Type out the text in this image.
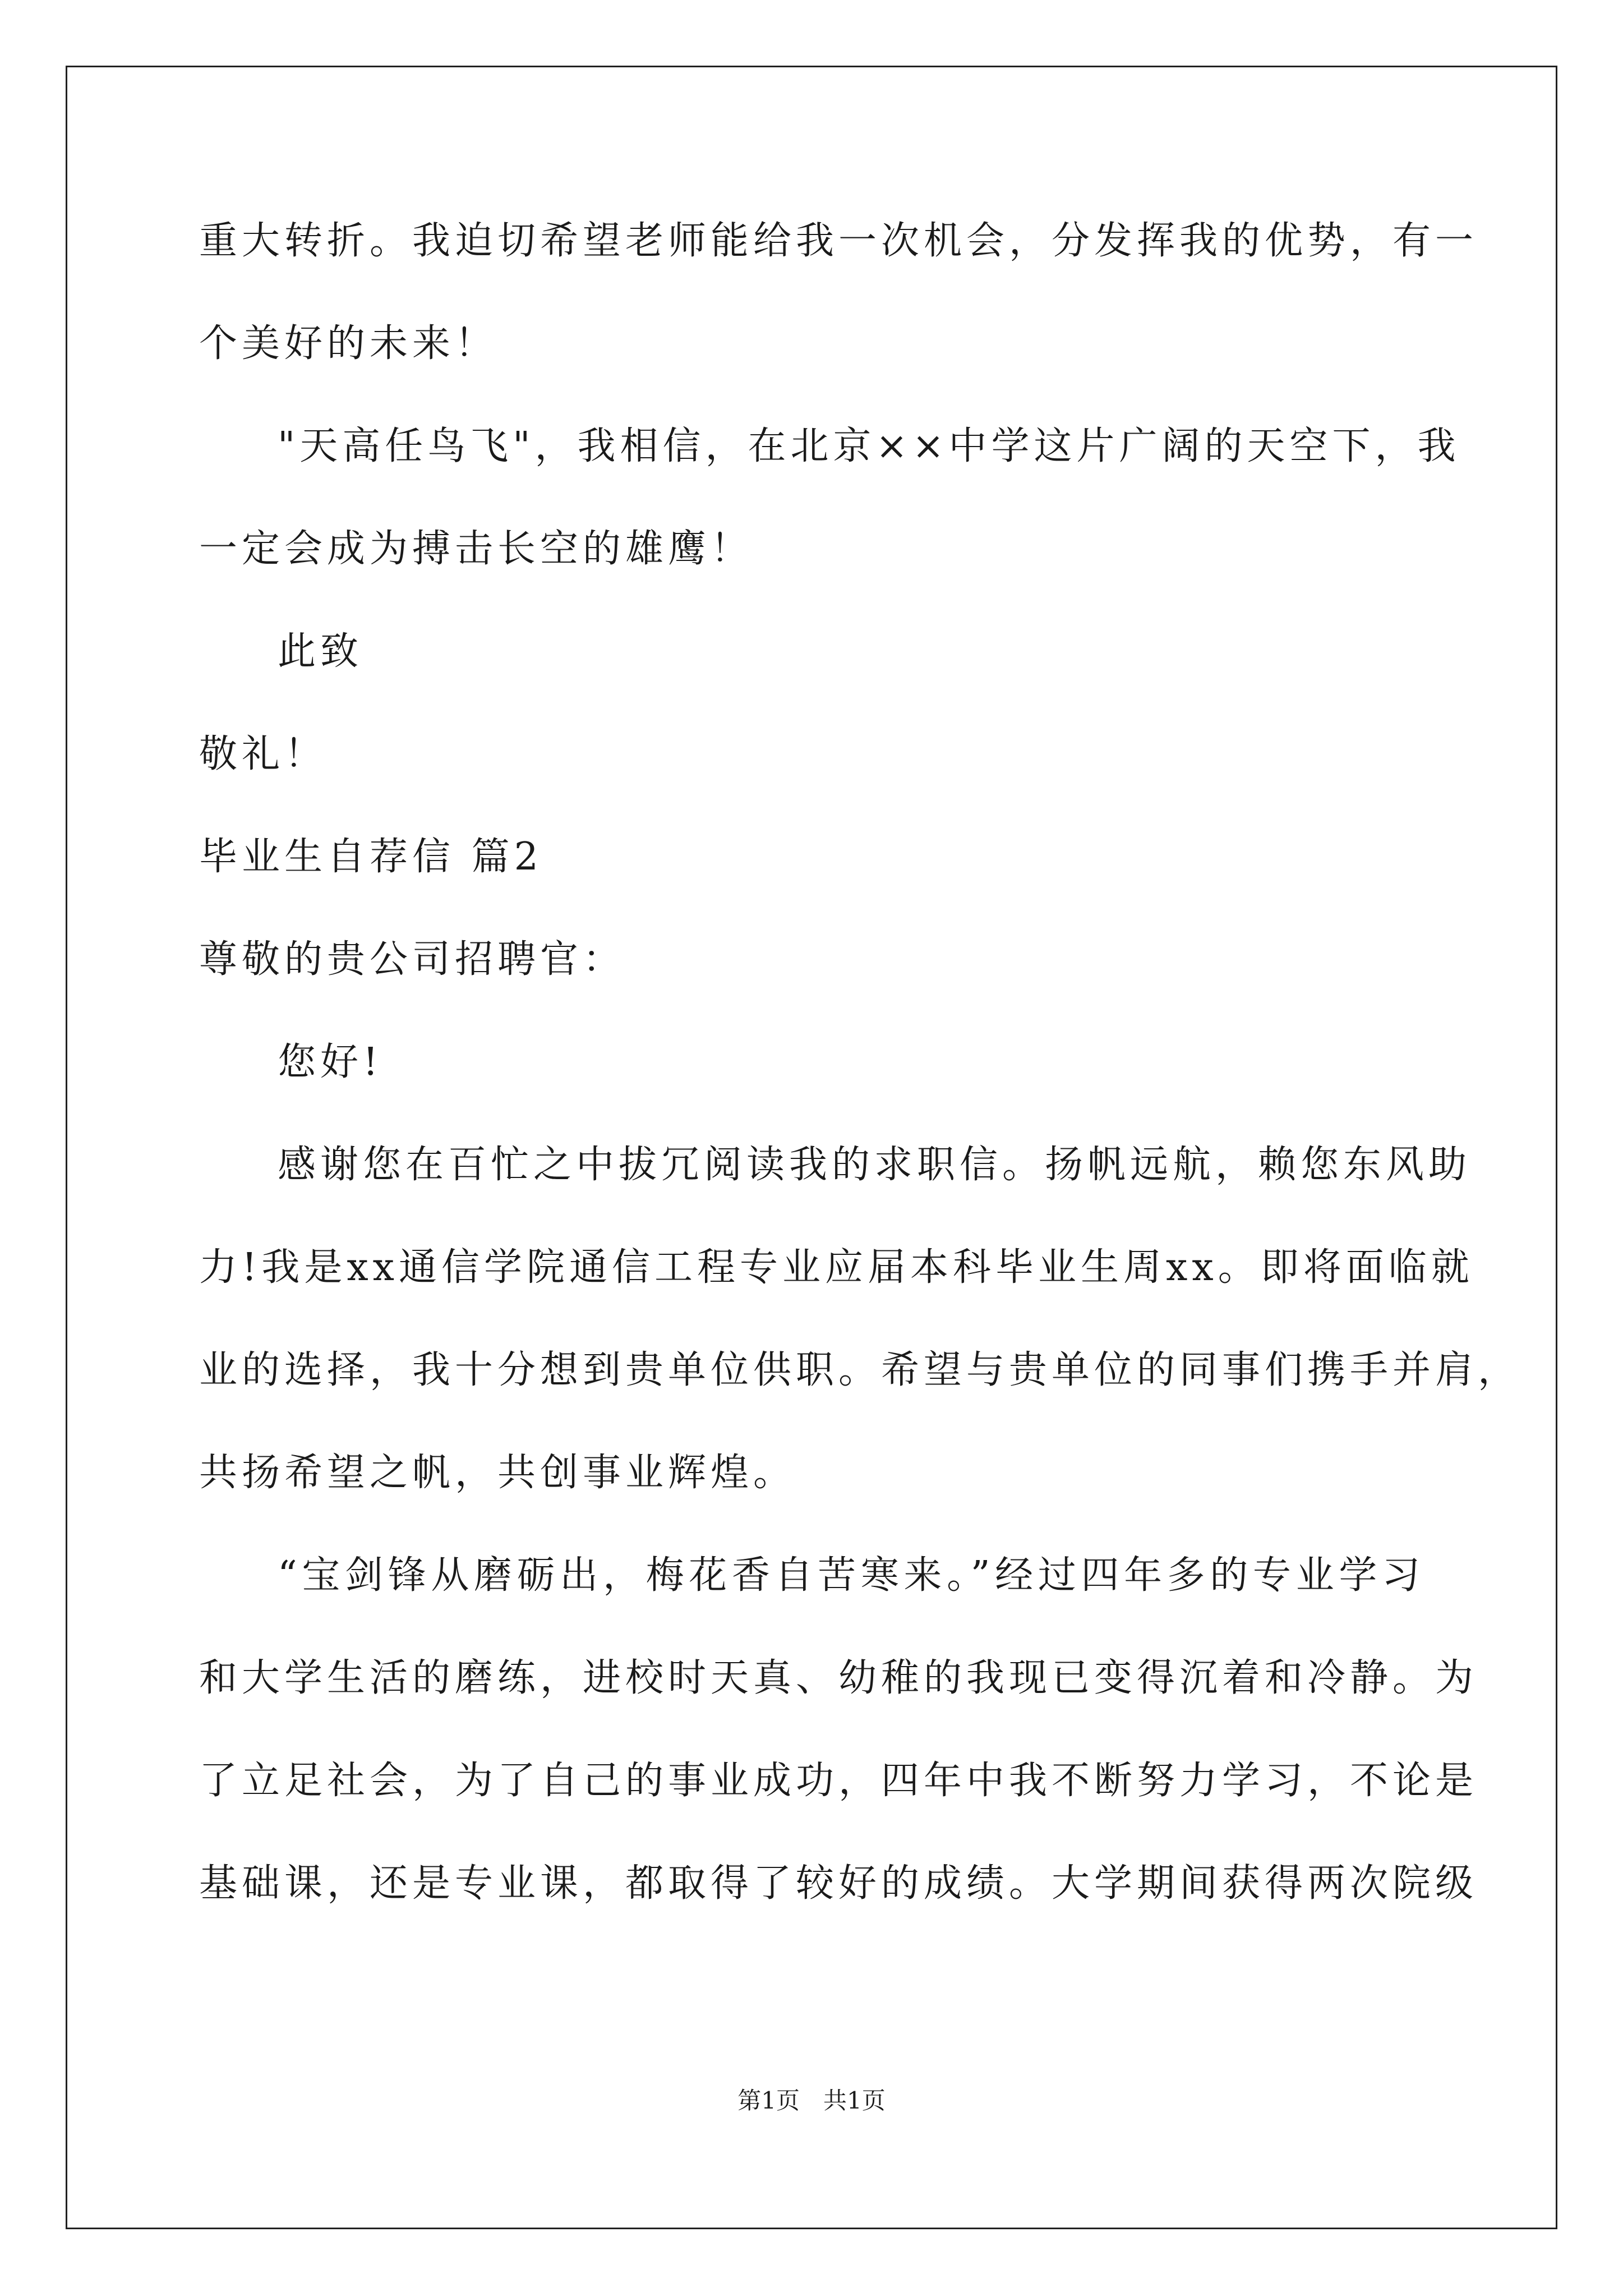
重大转折。我迫切希望老师能给我一次机会，分发挥我的优势，有一
个美好的未来！
"天高任鸟飞"，我相信，在北京××中学这片广阔的天空下，我
一定会成为搏击长空的雄鹰！
此致
敬礼！
毕业生自荐信 篇2
尊敬的贵公司招聘官：
您好!
感谢您在百忙之中拔冗阅读我的求职信。扬帆远航，赖您东风助
力!我是xx通信学院通信工程专业应届本科毕业生周xx。即将面临就
业的选择，我十分想到贵单位供职。希望与贵单位的同事们携手并肩，
共扬希望之帆，共创事业辉煌。
“宝剑锋从磨砺出，梅花香自苦寒来。”经过四年多的专业学习
和大学生活的磨练，进校时天真、幼稚的我现已变得沉着和冷静。为
了立足社会，为了自己的事业成功，四年中我不断努力学习，不论是
基础课，还是专业课，都取得了较好的成绩。大学期间获得两次院级
第1页　共1页
